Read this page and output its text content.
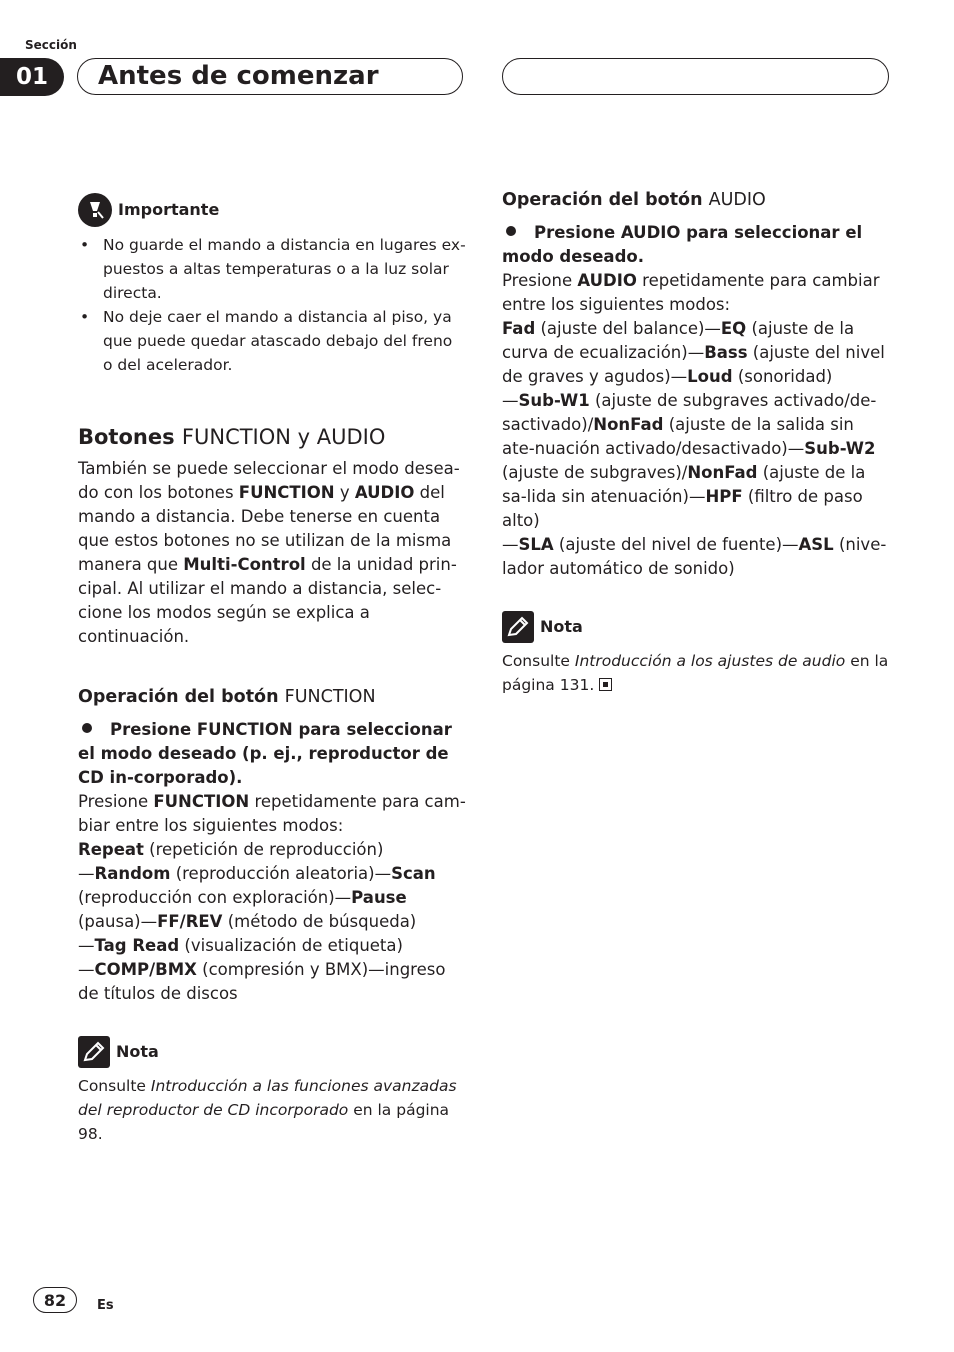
Sección
01	Antes de comenzar
Importante
• No guarde el mando a distancia en lugares ex-puestos a altas temperaturas o a la luz solar directa.
• No deje caer el mando a distancia al piso, ya que puede quedar atascado debajo del freno o del acelerador.
Botones FUNCTION y AUDIO

También se puede seleccionar el modo desea-do con los botones FUNCTION y AUDIO del mando a distancia. Debe tenerse en cuenta que estos botones no se utilizan de la misma manera que Multi-Control de la unidad prin-cipal. Al utilizar el mando a distancia, selec-cione los modos según se explica a continuación.

Operación del botón FUNCTION

Presione FUNCTION para seleccionar el modo deseado (p. ej., reproductor de CD in-corporado).

Presione FUNCTION repetidamente para cam-biar entre los siguientes modos:
Repeat (repetición de reproducción)
—Random (reproducción aleatoria)—Scan (reproducción con exploración)—Pause (pausa)—FF/REV (método de búsqueda)
—Tag Read (visualización de etiqueta)
—COMP/BMX (compresión y BMX)—ingreso de títulos de discos

Nota

Consulte Introducción a las funciones avanzadas del reproductor de CD incorporado en la página 98.

Operación del botón AUDIO

Presione AUDIO para seleccionar el modo deseado.

Presione AUDIO repetidamente para cambiar entre los siguientes modos:
Fad (ajuste del balance)—EQ (ajuste de la curva de ecualización)—Bass (ajuste del nivel de graves y agudos)—Loud (sonoridad)
—Sub-W1 (ajuste de subgraves activado/de-sactivado)/NonFad (ajuste de la salida sin ate-nuación activado/desactivado)—Sub-W2 (ajuste de subgraves)/NonFad (ajuste de la sa-lida sin atenuación)—HPF (filtro de paso alto)
—SLA (ajuste del nivel de fuente)—ASL (nive-lador automático de sonido)

Nota

Consulte Introducción a los ajustes de audio en la página 131.

82	Es
